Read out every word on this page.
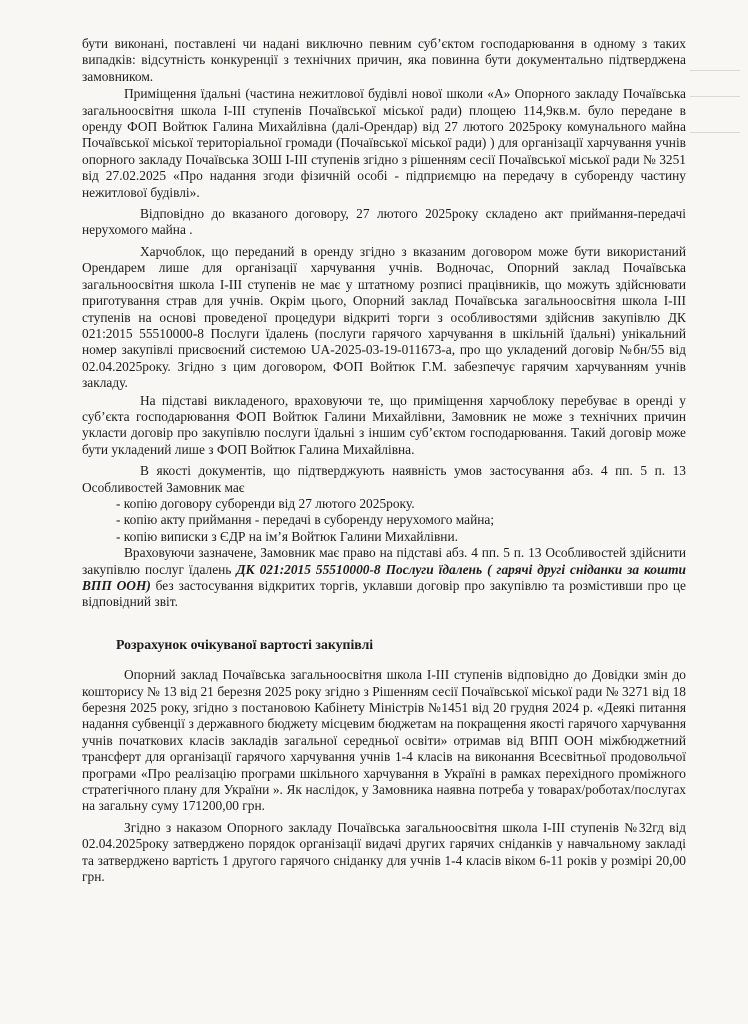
бути виконані, поставлені чи надані виключно певним суб’єктом господарювання в одному з таких випадків: відсутність конкуренції з технічних причин, яка повинна бути документально підтверджена замовником.

Приміщення їдальні (частина нежитлової будівлі нової школи «А» Опорного закладу Почаївська загальноосвітня школа І-ІІІ ступенів Почаївської міської ради) площею 114,9кв.м. було передане в оренду ФОП Войтюк Галина Михайлівна (далі-Орендар) від 27 лютого 2025року комунального майна Почаївської міської територіальної громади (Почаївської міської ради) ) для організації харчування учнів опорного закладу Почаївська ЗОШ І-ІІІ ступенів згідно з рішенням сесії Почаївської міської ради № 3251 від 27.02.2025 «Про надання згоди фізичній особі - підприємцю на передачу в суборенду частину нежитлової будівлі».

Відповідно до вказаного договору, 27 лютого 2025року складено акт приймання-передачі нерухомого майна .

Харчоблок, що переданий в оренду згідно з вказаним договором може бути використаний Орендарем лише для організації харчування учнів. Водночас, Опорний заклад Почаївська загальноосвітня школа І-ІІІ ступенів не має у штатному розписі працівників, що можуть здійснювати приготування страв для учнів. Окрім цього, Опорний заклад Почаївська загальноосвітня школа І-ІІІ ступенів на основі проведеної процедури відкриті торги з особливостями здійснив закупівлю ДК 021:2015 55510000-8 Послуги їдалень (послуги гарячого харчування в шкільній їдальні) унікальний номер закупівлі присвоєний системою UA-2025-03-19-011673-а, про що укладений договір №бн/55 від 02.04.2025року. Згідно з цим договором, ФОП Войтюк Г.М. забезпечує гарячим харчуванням учнів закладу.

На підставі викладеного, враховуючи те, що приміщення харчоблоку перебуває в оренді у суб’єкта господарювання ФОП Войтюк Галини Михайлівни, Замовник не може з технічних причин укласти договір про закупівлю послуги їдальні з іншим суб’єктом господарювання. Такий договір може бути укладений лише з ФОП Войтюк Галина Михайлівна.

В якості документів, що підтверджують наявність умов застосування абз. 4 пп. 5 п. 13 Особливостей Замовник має

- копію договору суборенди від 27 лютого 2025року.

- копію акту приймання - передачі в суборенду нерухомого майна;

- копію виписки з ЄДР на ім’я Войтюк Галини Михайлівни.

Враховуючи зазначене, Замовник має право на підставі абз. 4 пп. 5 п. 13 Особливостей здійснити закупівлю послуг їдалень ДК 021:2015 55510000-8 Послуги їдалень ( гарячі другі сніданки за кошти ВПП ООН) без застосування відкритих торгів, уклавши договір про закупівлю та розмістивши про це відповідний звіт.

Розрахунок очікуваної вартості закупівлі

Опорний заклад Почаївська загальноосвітня школа І-ІІІ ступенів відповідно до Довідки змін до кошторису № 13 від 21 березня 2025 року згідно з Рішенням сесії Почаївської міської ради № 3271 від 18 березня 2025 року, згідно з постановою Кабінету Міністрів №1451 від 20 грудня 2024 р. «Деякі питання надання субвенції з державного бюджету місцевим бюджетам на покращення якості гарячого харчування учнів початкових класів закладів загальної середньої освіти» отримав від ВПП ООН міжбюджетний трансферт для організації гарячого харчування учнів 1-4 класів на виконання Всесвітньої продовольчої програми «Про реалізацію програми шкільного харчування в Україні в рамках перехідного проміжного стратегічного плану для України ». Як наслідок, у Замовника наявна потреба у товарах/роботах/послугах на загальну суму 171200,00 грн.

Згідно з наказом Опорного закладу Почаївська загальноосвітня школа І-ІІІ ступенів №32гд від 02.04.2025року затверджено порядок організації видачі других гарячих сніданків у навчальному закладі та затверджено вартість 1 другого гарячого сніданку для учнів 1-4 класів віком 6-11 років у розмірі 20,00 грн.
